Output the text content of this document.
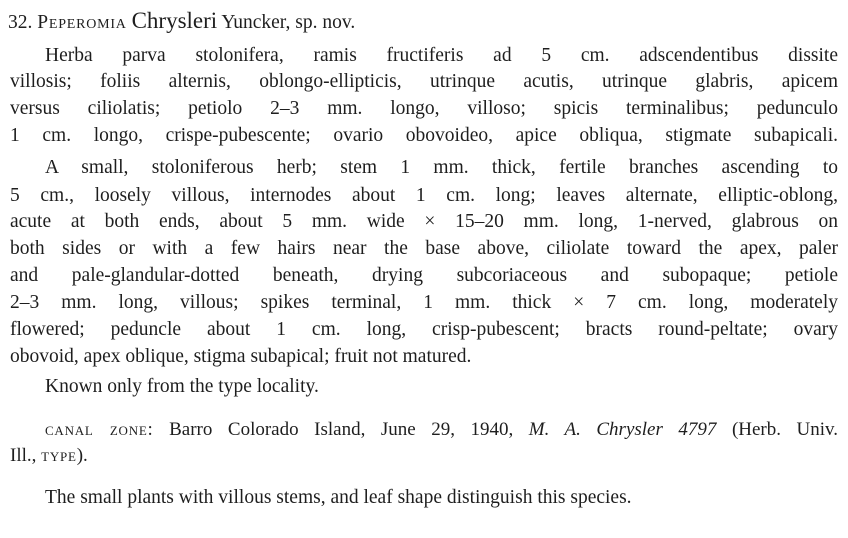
32. Peperomia Chrysleri Yuncker, sp. nov.
Herba parva stolonifera, ramis fructiferis ad 5 cm. adscendentibus dissite
villosis; foliis alternis, oblongo-ellipticis, utrinque acutis, utrinque glabris, apicem
versus ciliolatis; petiolo 2–3 mm. longo, villoso; spicis terminalibus; pedunculo
1 cm. longo, crispe-pubescente; ovario obovoideo, apice obliqua, stigmate subapicali.
A small, stoloniferous herb; stem 1 mm. thick, fertile branches ascending to
5 cm., loosely villous, internodes about 1 cm. long; leaves alternate, elliptic-oblong,
acute at both ends, about 5 mm. wide × 15–20 mm. long, 1-nerved, glabrous on
both sides or with a few hairs near the base above, ciliolate toward the apex, paler
and pale-glandular-dotted beneath, drying subcoriaceous and subopaque; petiole
2–3 mm. long, villous; spikes terminal, 1 mm. thick × 7 cm. long, moderately
flowered; peduncle about 1 cm. long, crisp-pubescent; bracts round-peltate; ovary
obovoid, apex oblique, stigma subapical; fruit not matured.
Known only from the type locality.
canal zone: Barro Colorado Island, June 29, 1940, M. A. Chrysler 4797 (Herb. Univ.
Ill., type).
The small plants with villous stems, and leaf shape distinguish this species.
